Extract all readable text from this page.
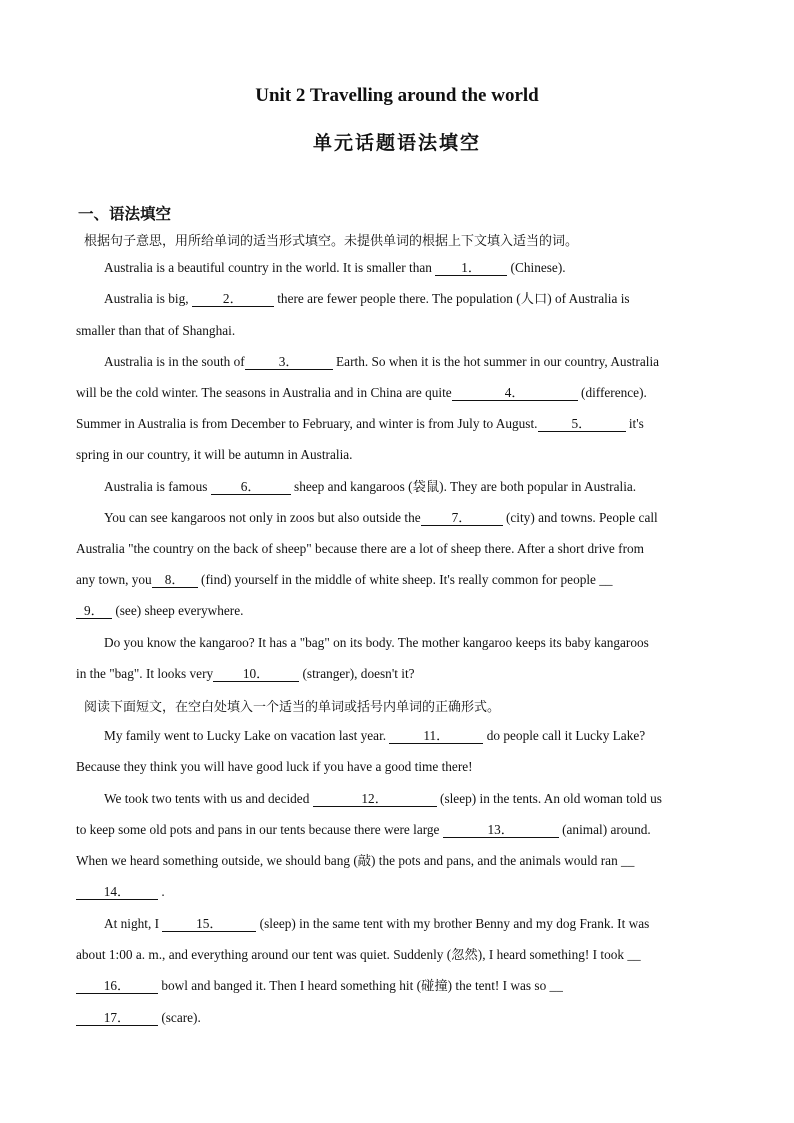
Unit 2 Travelling around the world
单元话题语法填空
一、语法填空
根据句子意思，用所给单词的适当形式填空。未提供单词的根据上下文填入适当的词。
Australia is a beautiful country in the world. It is smaller than 1． (Chinese).
Australia is big, 2． there are fewer people there. The population (人口) of Australia is
smaller than that of Shanghai.
Australia is in the south of	3．	Earth. So when it is the hot summer in our country, Australia
will be the cold winter. The seasons in Australia and in China are quite	4．	(difference).
Summer in Australia is from December to February, and winter is from July to August.	5．	it's
spring in our country, it will be autumn in Australia.
Australia is famous 6． sheep and kangaroos (袋鼠). They are both popular in Australia.
You can see kangaroos not only in zoos but also outside the 7． (city) and towns. People call
Australia "the country on the back of sheep" because there are a lot of sheep there. After a short drive from
any town, you 8． (find) yourself in the middle of white sheep. It's really common for people __
9． (see) sheep everywhere.
Do you know the kangaroo? It has a "bag" on its body. The mother kangaroo keeps its baby kangaroos
in the "bag". It looks very 10． (stranger), doesn't it?
阅读下面短文，在空白处填入一个适当的单词或括号内单词的正确形式。
My family went to Lucky Lake on vacation last year.	11．	do people call it Lucky Lake?
Because they think you will have good luck if you have a good time there!
We took two tents with us and decided	12．	(sleep) in the tents. An old woman told us
to keep some old pots and pans in our tents because there were large	13．	(animal) around.
When we heard something outside, we should bang (敲) the pots and pans, and the animals would ran __
14． .
At night, I	15．	(sleep) in the same tent with my brother Benny and my dog Frank. It was
about 1:00 a. m., and everything around our tent was quiet. Suddenly (忽然), I heard something! I took __
16． bowl and banged it. Then I heard something hit (碰撞) the tent! I was so __
17． (scare).
